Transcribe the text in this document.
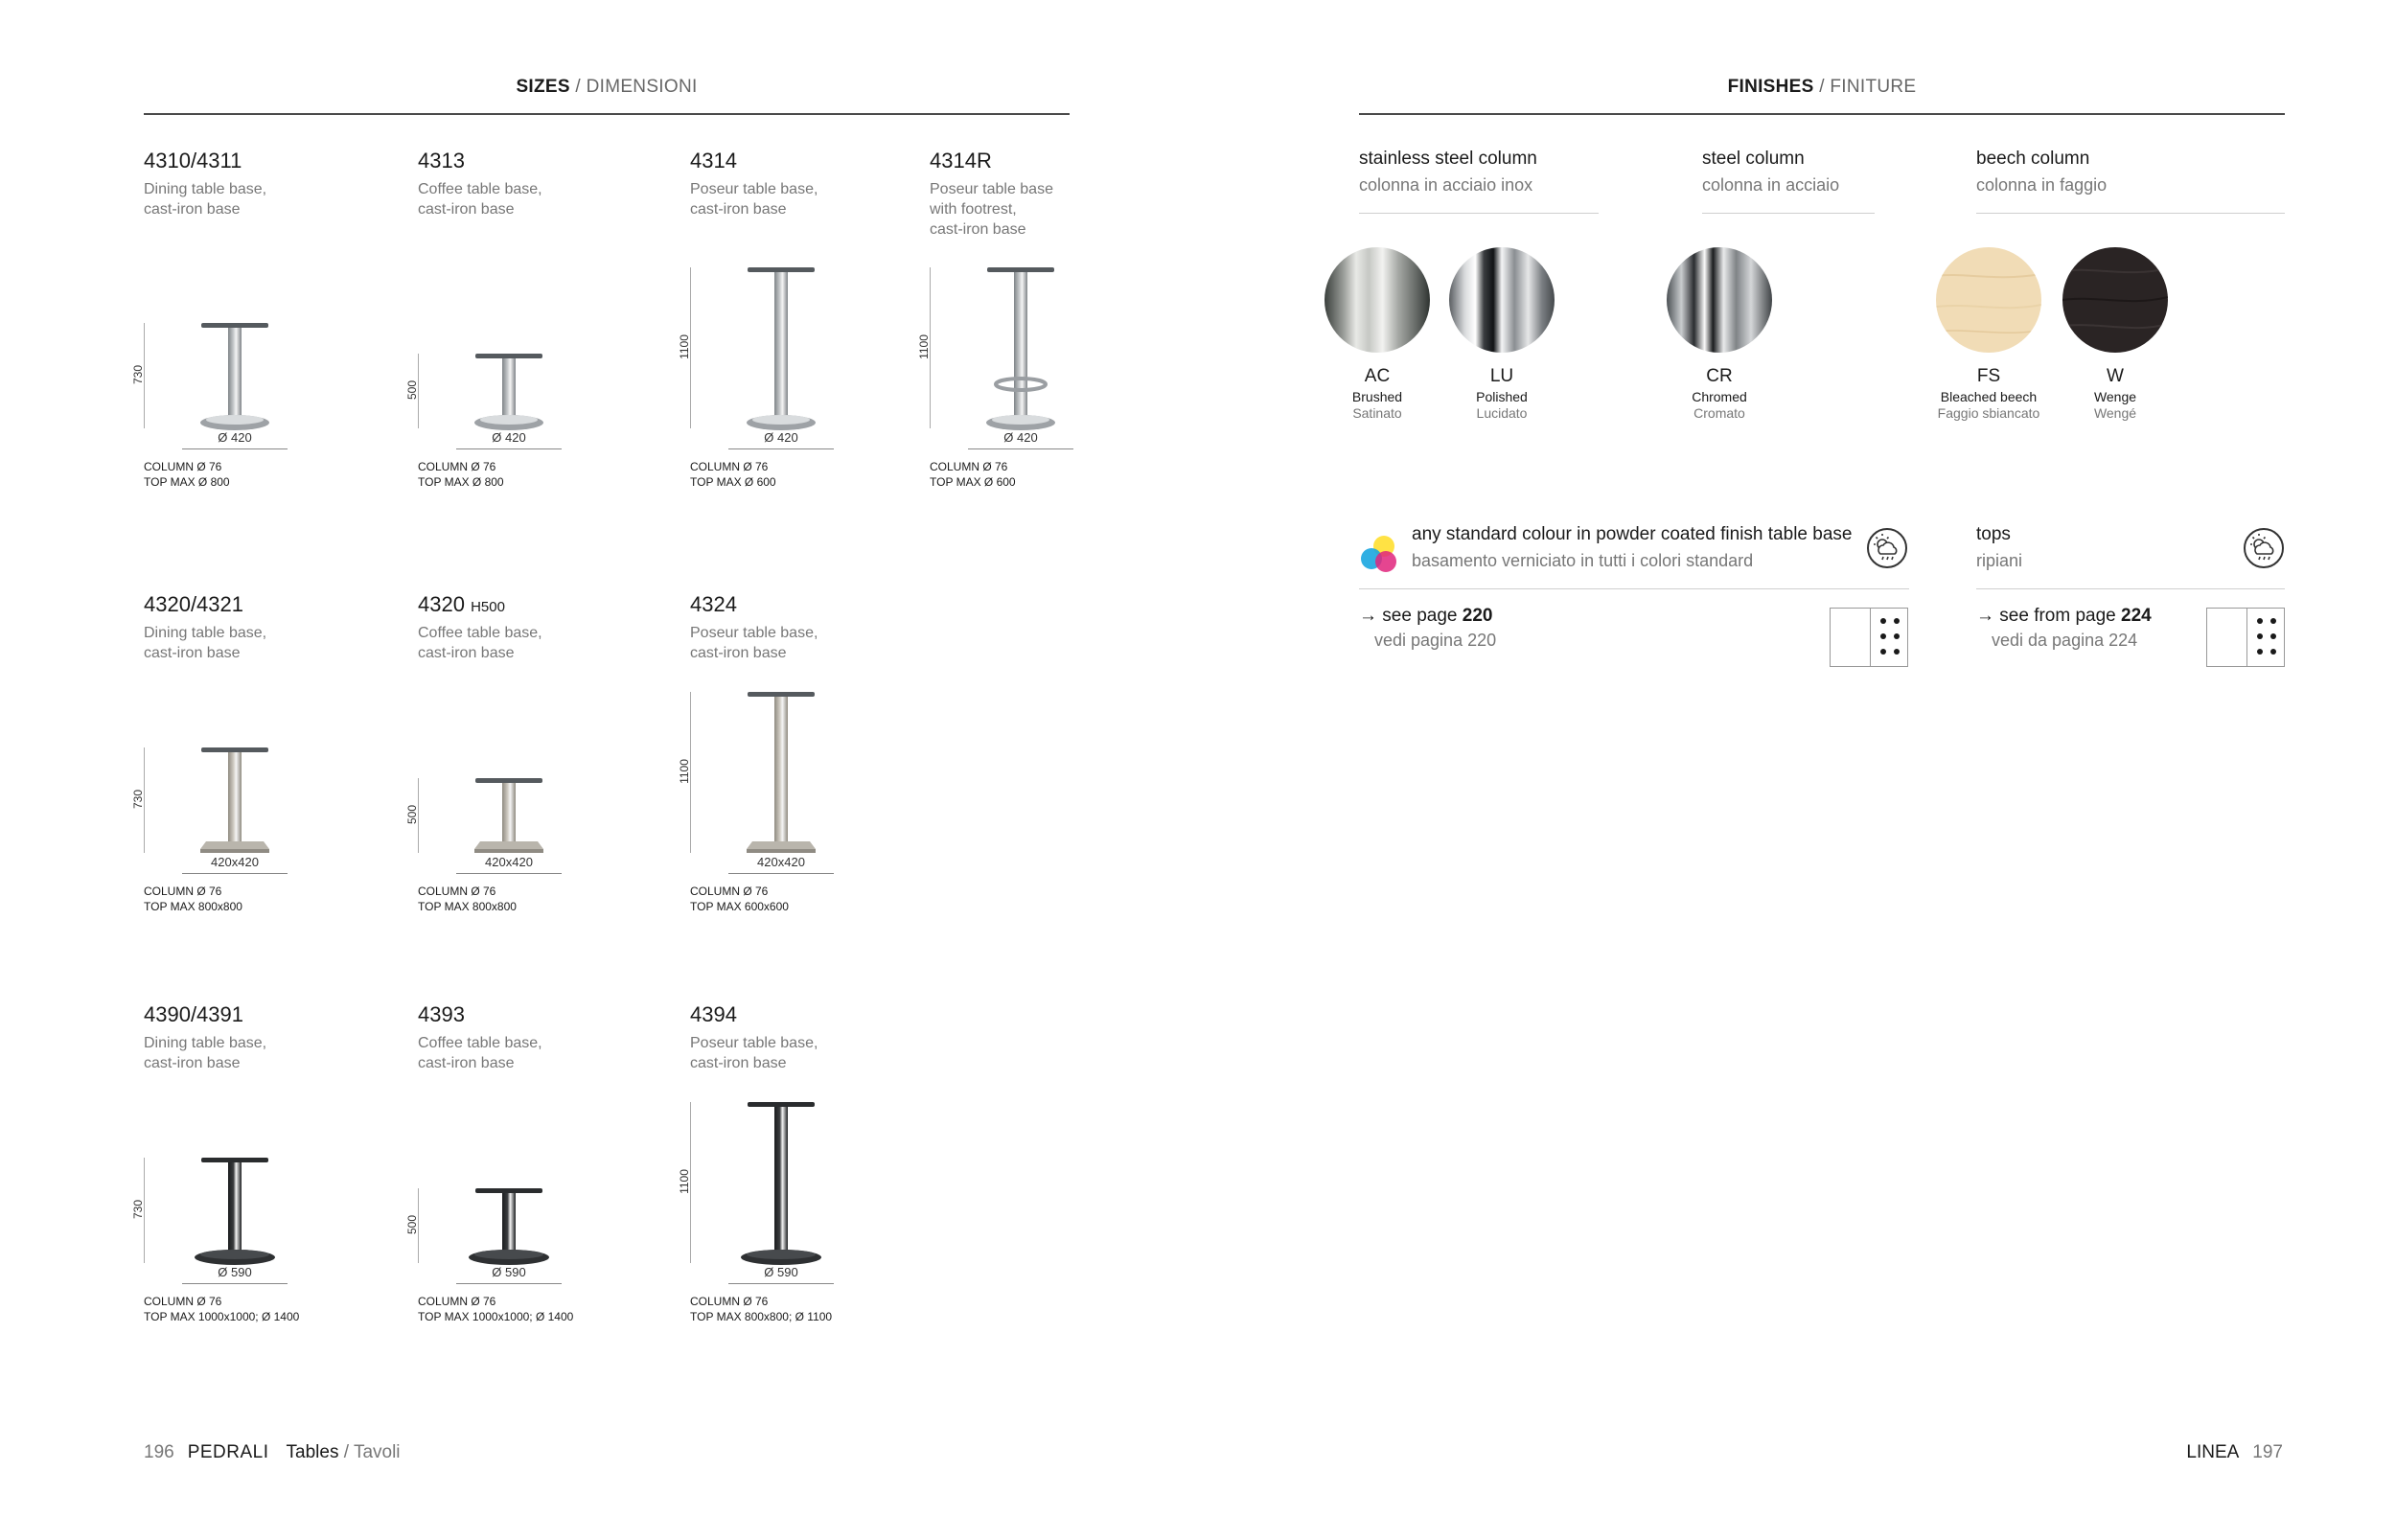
SIZES / DIMENSIONI	FINISHES / FINITURE
4310/4311
Dining table base,
cast-iron base
730
Ø 420
COLUMN Ø 76
TOP MAX Ø 800
4313
Coffee table base,
cast-iron base
500
Ø 420
COLUMN Ø 76
TOP MAX Ø 800
4314
Poseur table base,
cast-iron base
1100
Ø 420
COLUMN Ø 76
TOP MAX Ø 600
4314R
Poseur table base
with footrest,
cast-iron base
1100
Ø 420
COLUMN Ø 76
TOP MAX Ø 600
4320/4321
Dining table base,
cast-iron base
730
420x420
COLUMN Ø 76
TOP MAX 800x800
4320 H500
Coffee table base,
cast-iron base
500
420x420
COLUMN Ø 76
TOP MAX 800x800
4324
Poseur table base,
cast-iron base
1100
420x420
COLUMN Ø 76
TOP MAX 600x600
4390/4391
Dining table base,
cast-iron base
730
Ø 590
COLUMN Ø 76
TOP MAX 1000x1000; Ø 1400
4393
Coffee table base,
cast-iron base
500
Ø 590
COLUMN Ø 76
TOP MAX 1000x1000; Ø 1400
4394
Poseur table base,
cast-iron base
1100
Ø 590
COLUMN Ø 76
TOP MAX 800x800; Ø 1100
stainless steel column
colonna in acciaio inox
steel column
colonna in acciaio
beech column
colonna in faggio
AC
Brushed
Satinato
LU
Polished
Lucidato
CR
Chromed
Cromato
FS
Bleached beech
Faggio sbiancato
W
Wenge
Wengé
any standard colour in powder coated finish table base
basamento verniciato in tutti i colori standard
→ see page 220
vedi pagina 220
tops
ripiani
→ see from page 224
vedi da pagina 224
196 PEDRALI Tables / Tavoli	LINEA 197
